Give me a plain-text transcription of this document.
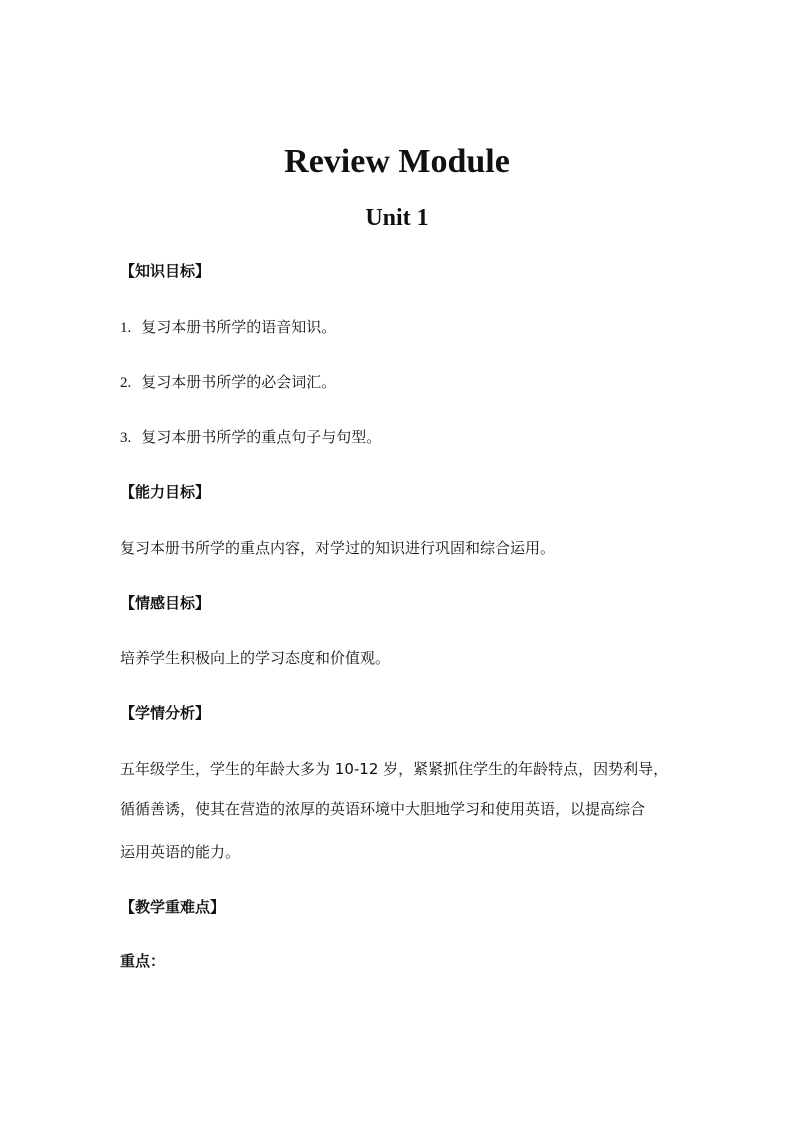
Review Module
Unit 1

【知识目标】

1. 复习本册书所学的语音知识。

2. 复习本册书所学的必会词汇。

3. 复习本册书所学的重点句子与句型。

【能力目标】

复习本册书所学的重点内容，对学过的知识进行巩固和综合运用。

【情感目标】

培养学生积极向上的学习态度和价值观。

【学情分析】

五年级学生，学生的年龄大多为 10-12 岁，紧紧抓住学生的年龄特点，因势利导，

循循善诱，使其在营造的浓厚的英语环境中大胆地学习和使用英语，以提高综合

运用英语的能力。

【教学重难点】

重点：
